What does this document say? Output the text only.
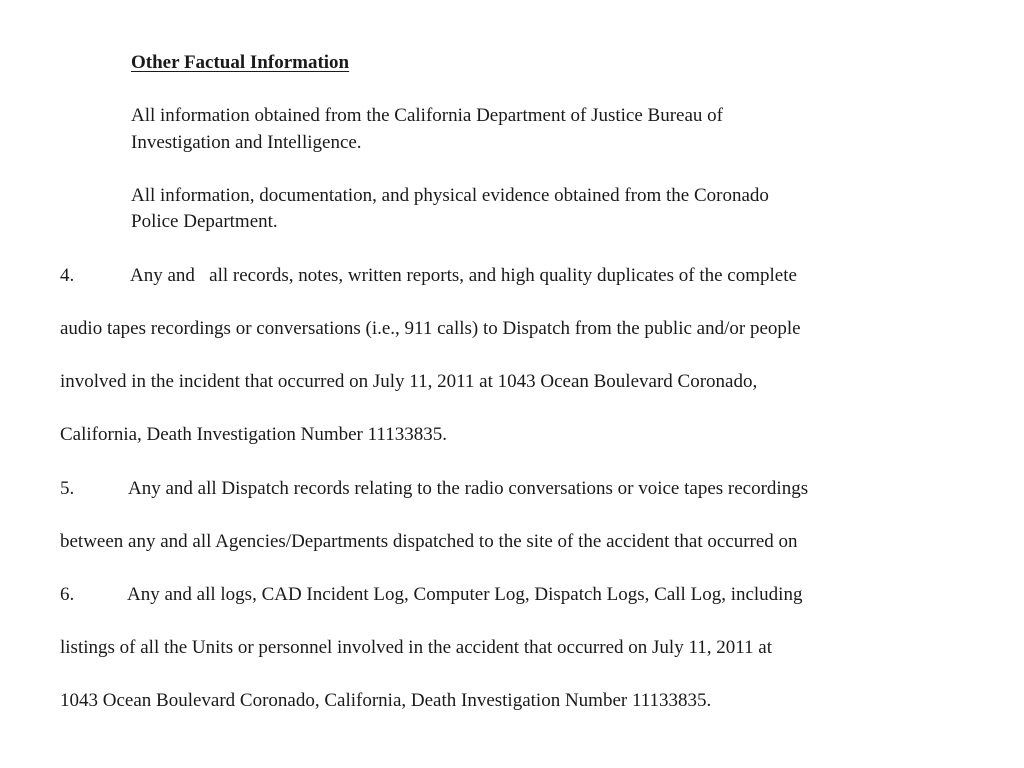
Other Factual Information
All information obtained from the California Department of Justice Bureau of
Investigation and Intelligence.
All information, documentation, and physical evidence obtained from the Coronado
Police Department.
4.	Any and   all records, notes, written reports, and high quality duplicates of the complete
audio tapes recordings or conversations (i.e., 911 calls) to Dispatch from the public and/or people
involved in the incident that occurred on July 11, 2011 at 1043 Ocean Boulevard Coronado,
California, Death Investigation Number 11133835.
5.	Any and all Dispatch records relating to the radio conversations or voice tapes recordings
between any and all Agencies/Departments dispatched to the site of the accident that occurred on
6.	Any and all logs, CAD Incident Log, Computer Log, Dispatch Logs, Call Log, including
listings of all the Units or personnel involved in the accident that occurred on July 11, 2011 at
1043 Ocean Boulevard Coronado, California, Death Investigation Number 11133835.
